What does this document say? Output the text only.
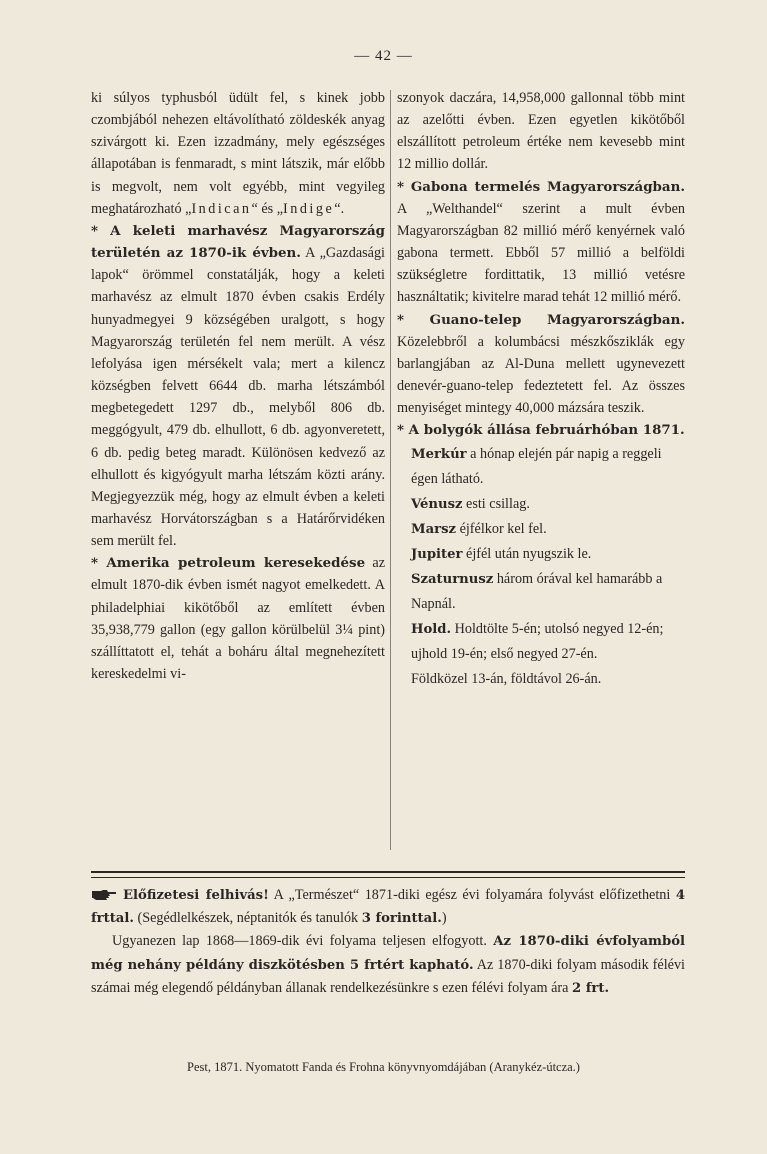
— 42 —

ki súlyos typhusból üdült fel, s kinek jobb czombjából nehezen eltávolítható zöldeskék anyag szivárgott ki. Ezen izzadmány, mely egészséges állapotában is fenmaradt, s mint látszik, már előbb is megvolt, nem volt egyébb, mint vegyileg meghatározható „Indican“ és „Indige“.

* A keleti marhavész Magyarország területén az 1870-ik évben. A „Gazdasági lapok“ örömmel constatálják, hogy a keleti marhavész az elmult 1870 évben csakis Erdély hunyadmegyei 9 községében uralgott, s hogy Magyarország területén fel nem merült. A vész lefolyása igen mérsékelt vala; mert a kilencz községben felvett 6644 db. marha létszámból megbetegedett 1297 db., melyből 806 db. meggógyult, 479 db. elhullott, 6 db. agyonveretett, 6 db. pedig beteg maradt. Különösen kedvező az elhullott és kigyógyult marha létszám közti arány. Megjegyezzük még, hogy az elmult évben a keleti marhavész Horvátországban s a Határőrvidéken sem merült fel.

* Amerika petroleum keresekedése az elmult 1870-dik évben ismét nagyot emelkedett. A philadelphiai kikötőből az említett évben 35,938,779 gallon (egy gallon körülbelül 3¼ pint) szállíttatott el, tehát a boháru által megnehezített kereskedelmi vi-

szonyok daczára, 14,958,000 gallonnal több mint az azelőtti évben. Ezen egyetlen kikötőből elszállított petroleum értéke nem kevesebb mint 12 millio dollár.

* Gabona termelés Magyarországban. A „Welthandel“ szerint a mult évben Magyarországban 82 millió mérő kenyérnek való gabona termett. Ebből 57 millió a belföldi szükségletre fordittatik, 13 millió vetésre használtatik; kivitelre marad tehát 12 millió mérő.

* Guano-telep Magyarországban. Közelebbről a kolumbácsi mészkősziklák egy barlangjában az Al-Duna mellett ugynevezett denevér-guano-telep fedeztetett fel. Az összes menyiséget mintegy 40,000 mázsára teszik.

* A bolygók állása februárhóban 1871.

Merkúr a hónap elején pár napig a reggeli égen látható.

Vénusz esti csillag.

Marsz éjfélkor kel fel.

Jupiter éjfél után nyugszik le.

Szaturnusz három órával kel hamarább a Napnál.

Hold. Holdtölte 5-én; utolsó negyed 12-én; ujhold 19-én; első negyed 27-én.

Földközel 13-án, földtávol 26-án.

Előfizetesi felhivás! A „Természet“ 1871-diki egész évi folyamára folyvást előfizethetni 4 frttal. (Segédlelkészek, néptanitók és tanulók 3 forinttal.)

Ugyanezen lap 1868—1869-dik évi folyama teljesen elfogyott. Az 1870-diki évfolyamból még nehány példány diszkötésben 5 frtért kapható. Az 1870-diki folyam második félévi számai még elegendő példányban állanak rendelkezésünkre s ezen félévi folyam ára 2 frt.

Pest, 1871. Nyomatott Fanda és Frohna könyvnyomdájában (Aranykéz-útcza.)
